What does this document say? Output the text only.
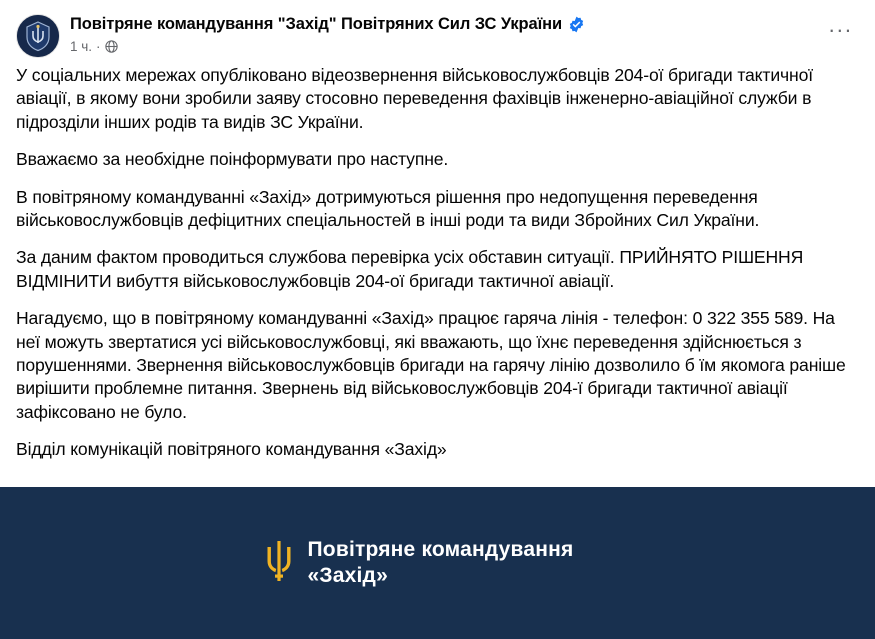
Повітряне командування "Захід" Повітряних Сил ЗС України
1 ч. ·
...

У соціальних мережах опубліковано відеозвернення військовослужбовців 204-ої бригади тактичної авіації, в якому вони зробили заяву стосовно переведення фахівців інженерно-авіаційної служби в підрозділи інших родів та видів ЗС України.

Вважаємо за необхідне поінформувати про наступне.

В повітряному командуванні «Захід» дотримуються рішення про недопущення переведення військовослужбовців дефіцитних спеціальностей в інші роди та види Збройних Сил України.

За даним фактом проводиться службова перевірка усіх обставин ситуації. ПРИЙНЯТО РІШЕННЯ ВІДМІНИТИ вибуття військовослужбовців 204-ої бригади тактичної авіації.

Нагадуємо, що в повітряному командуванні «Захід» працює гаряча лінія - телефон: 0 322 355 589. На неї можуть звертатися усі військовослужбовці, які вважають, що їхнє переведення здійснюється з порушеннями. Звернення військовослужбовців бригади на гарячу лінію дозволило б їм якомога раніше вирішити проблемне питання. Звернень від військовослужбовців 204-ї бригади тактичної авіації зафіксовано не було.

Відділ комунікацій повітряного командування «Захід»

Повітряне командування
«Захід»
